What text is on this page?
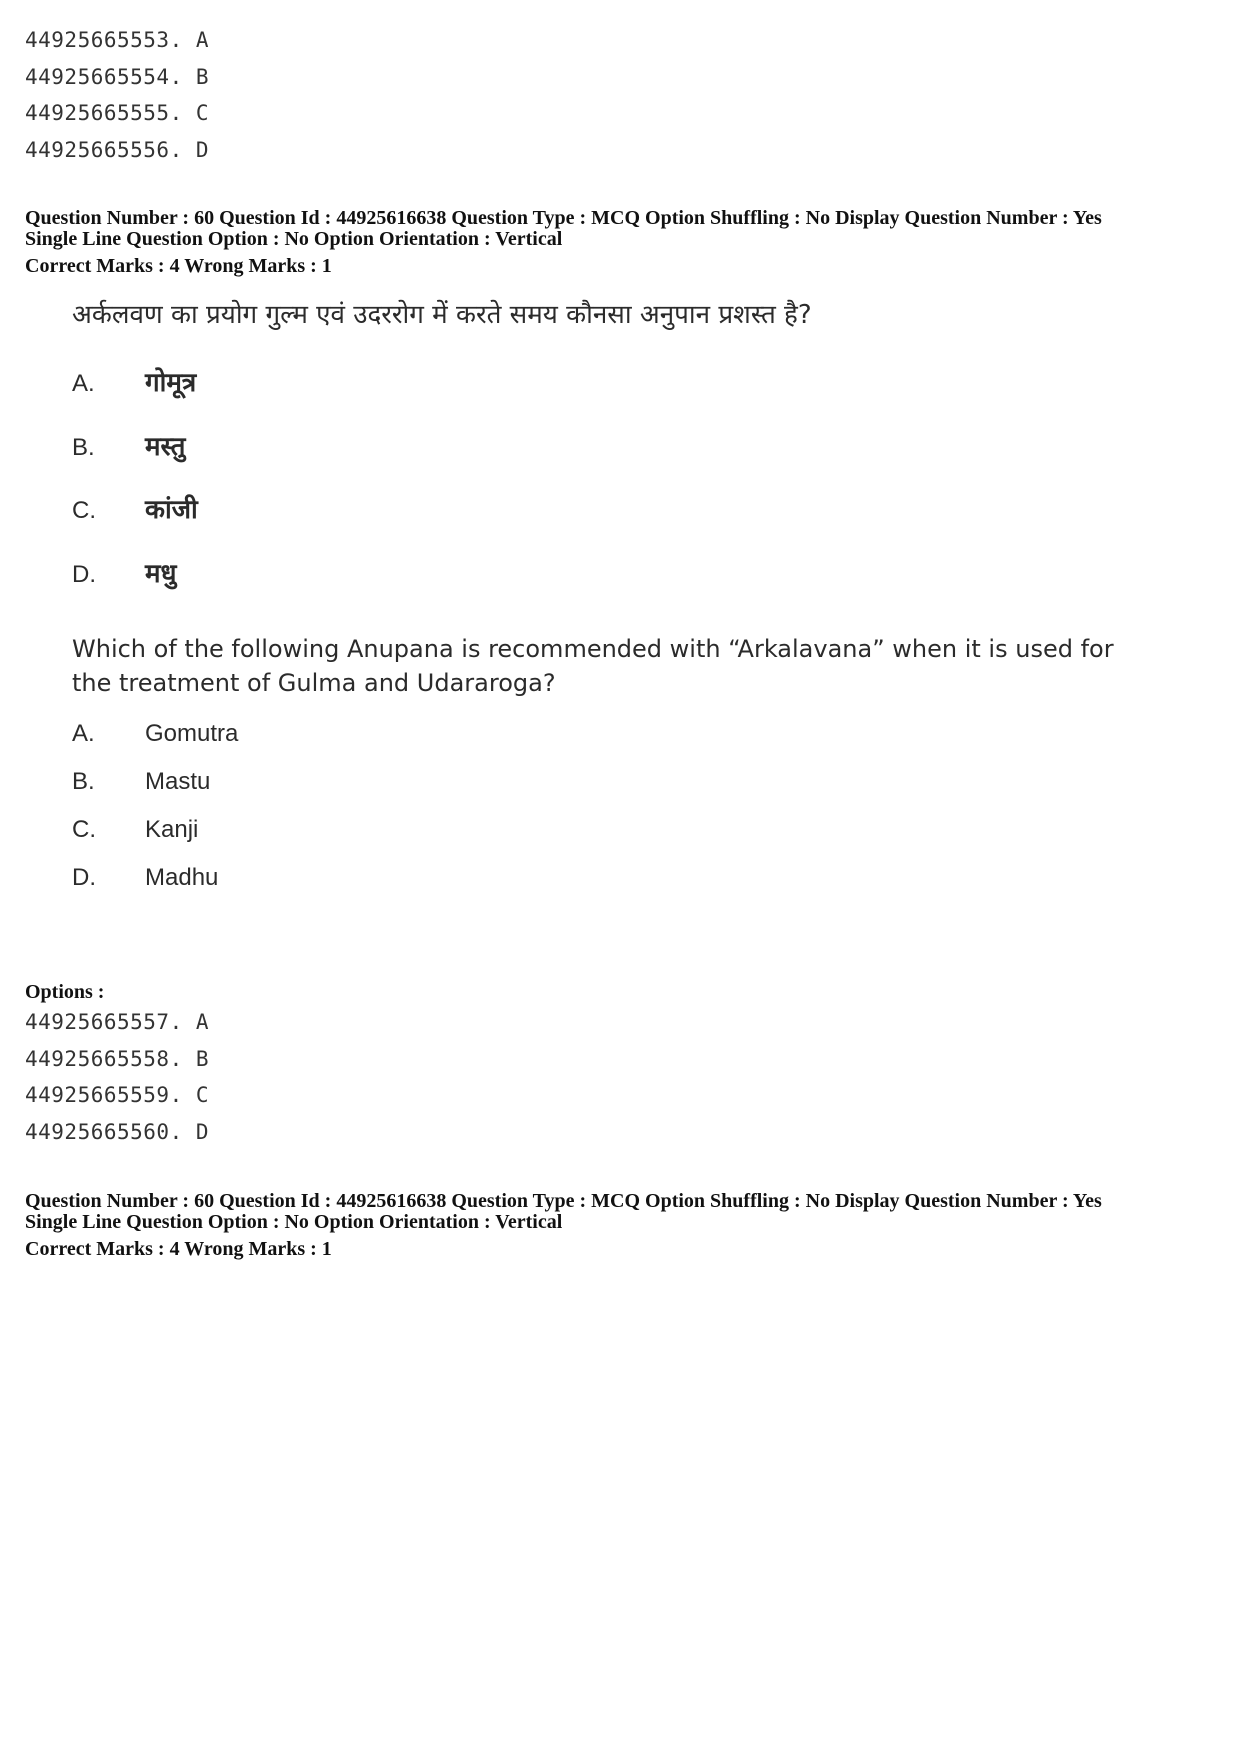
44925665553. A
44925665554. B
44925665555. C
44925665556. D
Question Number : 60 Question Id : 44925616638 Question Type : MCQ Option Shuffling : No Display Question Number : Yes
Single Line Question Option : No Option Orientation : Vertical
Correct Marks : 4 Wrong Marks : 1
अर्कलवण का प्रयोग गुल्म एवं उदररोग में करते समय कौनसा अनुपान प्रशस्त है?
A. गोमूत्र
B. मस्तु
C. कांजी
D. मधु
Which of the following Anupana is recommended with “Arkalavana” when it is used for the treatment of Gulma and Udararoga?
A. Gomutra
B. Mastu
C. Kanji
D. Madhu
Options :
44925665557. A
44925665558. B
44925665559. C
44925665560. D
Question Number : 60 Question Id : 44925616638 Question Type : MCQ Option Shuffling : No Display Question Number : Yes
Single Line Question Option : No Option Orientation : Vertical
Correct Marks : 4 Wrong Marks : 1
